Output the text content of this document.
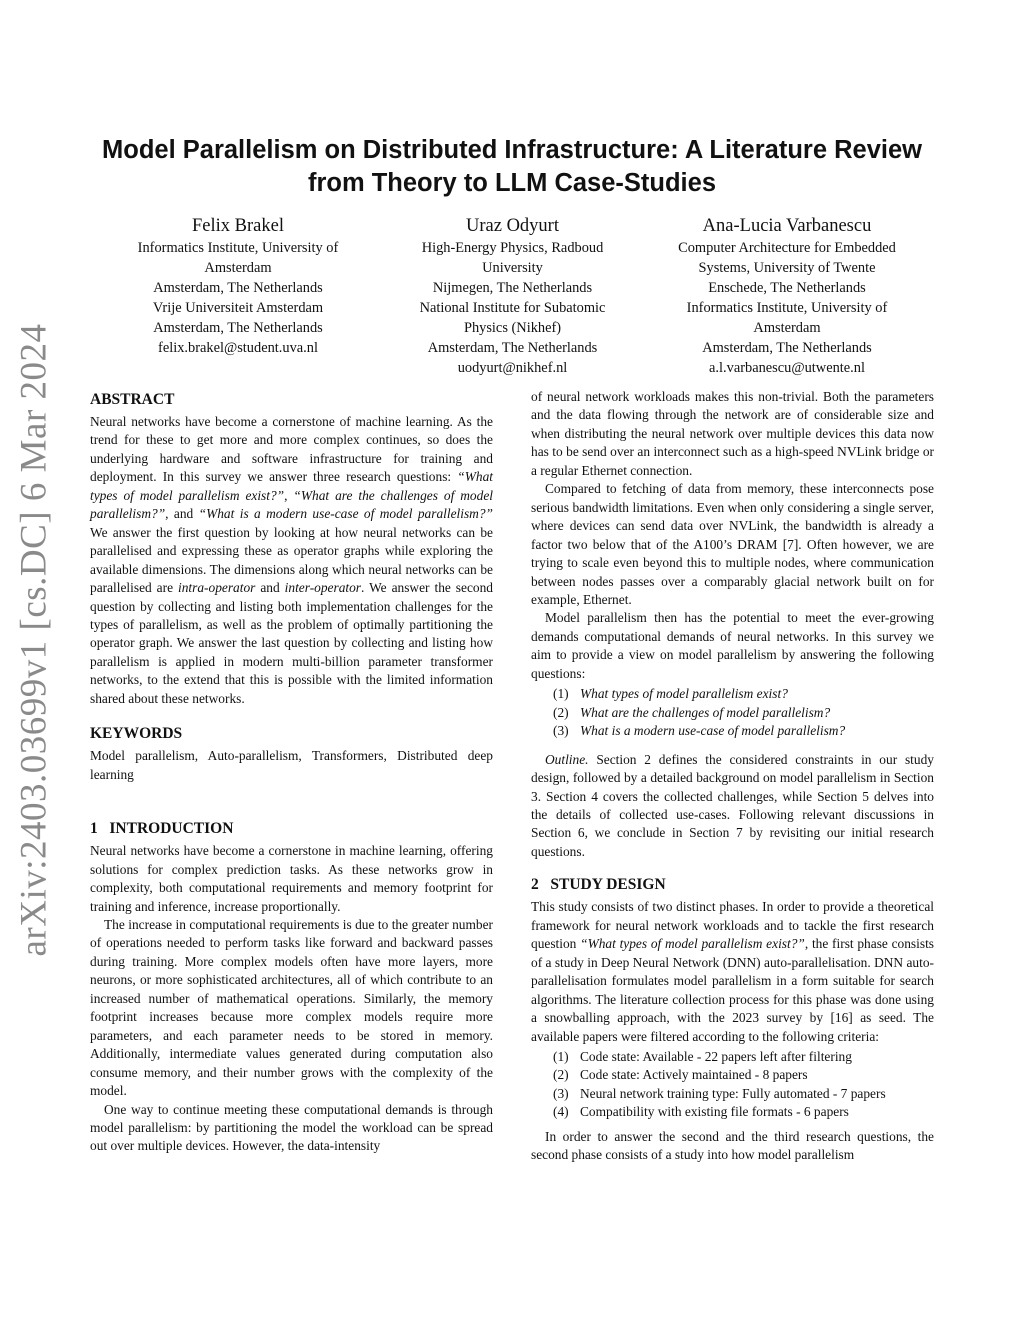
arXiv:2403.03699v1 [cs.DC] 6 Mar 2024
Model Parallelism on Distributed Infrastructure: A Literature Review from Theory to LLM Case-Studies
Felix Brakel
Informatics Institute, University of
Amsterdam
Amsterdam, The Netherlands
Vrije Universiteit Amsterdam
Amsterdam, The Netherlands
felix.brakel@student.uva.nl
Uraz Odyurt
High-Energy Physics, Radboud
University
Nijmegen, The Netherlands
National Institute for Subatomic
Physics (Nikhef)
Amsterdam, The Netherlands
uodyurt@nikhef.nl
Ana-Lucia Varbanescu
Computer Architecture for Embedded
Systems, University of Twente
Enschede, The Netherlands
Informatics Institute, University of
Amsterdam
Amsterdam, The Netherlands
a.l.varbanescu@utwente.nl
ABSTRACT

Neural networks have become a cornerstone of machine learning. As the trend for these to get more and more complex continues, so does the underlying hardware and software infrastructure for training and deployment. In this survey we answer three research questions: “What types of model parallelism exist?”, “What are the challenges of model parallelism?”, and “What is a modern use-case of model parallelism?” We answer the first question by looking at how neural networks can be parallelised and expressing these as operator graphs while exploring the available dimensions. The dimensions along which neural networks can be parallelised are intra-operator and inter-operator. We answer the second question by collecting and listing both implementation challenges for the types of parallelism, as well as the problem of optimally partitioning the operator graph. We answer the last question by collecting and listing how parallelism is applied in modern multi-billion parameter transformer networks, to the extend that this is possible with the limited information shared about these networks.

KEYWORDS

Model parallelism, Auto-parallelism, Transformers, Distributed deep learning

1   INTRODUCTION

Neural networks have become a cornerstone in machine learning, offering solutions for complex prediction tasks. As these networks grow in complexity, both computational requirements and memory footprint for training and inference, increase proportionally.

The increase in computational requirements is due to the greater number of operations needed to perform tasks like forward and backward passes during training. More complex models often have more layers, more neurons, or more sophisticated architectures, all of which contribute to an increased number of mathematical operations. Similarly, the memory footprint increases because more complex models require more parameters, and each parameter needs to be stored in memory. Additionally, intermediate values generated during computation also consume memory, and their number grows with the complexity of the model.

One way to continue meeting these computational demands is through model parallelism: by partitioning the model the workload can be spread out over multiple devices. However, the data-intensity

of neural network workloads makes this non-trivial. Both the parameters and the data flowing through the network are of considerable size and when distributing the neural network over multiple devices this data now has to be send over an interconnect such as a high-speed NVLink bridge or a regular Ethernet connection.

Compared to fetching of data from memory, these interconnects pose serious bandwidth limitations. Even when only considering a single server, where devices can send data over NVLink, the bandwidth is already a factor two below that of the A100’s DRAM [7]. Often however, we are trying to scale even beyond this to multiple nodes, where communication between nodes passes over a comparably glacial network built on for example, Ethernet.

Model parallelism then has the potential to meet the ever-growing demands computational demands of neural networks. In this survey we aim to provide a view on model parallelism by answering the following questions:

(1) What types of model parallelism exist?
(2) What are the challenges of model parallelism?
(3) What is a modern use-case of model parallelism?

Outline. Section 2 defines the considered constraints in our study design, followed by a detailed background on model parallelism in Section 3. Section 4 covers the collected challenges, while Section 5 delves into the details of collected use-cases. Following relevant discussions in Section 6, we conclude in Section 7 by revisiting our initial research questions.

2   STUDY DESIGN

This study consists of two distinct phases. In order to provide a theoretical framework for neural network workloads and to tackle the first research question “What types of model parallelism exist?”, the first phase consists of a study in Deep Neural Network (DNN) auto-parallelisation. DNN auto-parallelisation formulates model parallelism in a form suitable for search algorithms. The literature collection process for this phase was done using a snowballing approach, with the 2023 survey by [16] as seed. The available papers were filtered according to the following criteria:

(1) Code state: Available - 22 papers left after filtering
(2) Code state: Actively maintained - 8 papers
(3) Neural network training type: Fully automated - 7 papers
(4) Compatibility with existing file formats - 6 papers

In order to answer the second and the third research questions, the second phase consists of a study into how model parallelism
